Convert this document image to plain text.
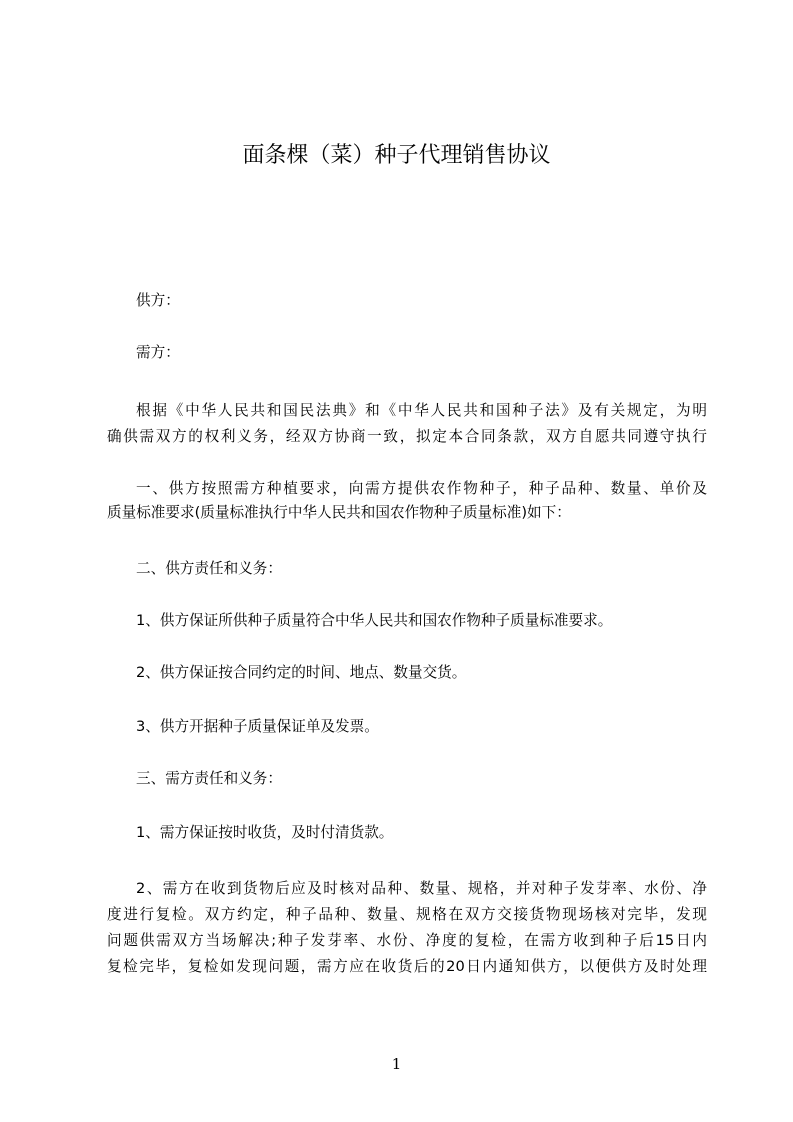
面条棵（菜）种子代理销售协议
供方：
需方：
根据《中华人民共和国民法典》和《中华人民共和国种子法》及有关规定，为明
确供需双方的权利义务，经双方协商一致，拟定本合同条款，双方自愿共同遵守执行
一、供方按照需方种植要求，向需方提供农作物种子，种子品种、数量、单价及
质量标准要求(质量标准执行中华人民共和国农作物种子质量标准)如下：
二、供方责任和义务：
1、供方保证所供种子质量符合中华人民共和国农作物种子质量标准要求。
2、供方保证按合同约定的时间、地点、数量交货。
3、供方开据种子质量保证单及发票。
三、需方责任和义务：
1、需方保证按时收货，及时付清货款。
2、需方在收到货物后应及时核对品种、数量、规格，并对种子发芽率、水份、净
度进行复检。双方约定，种子品种、数量、规格在双方交接货物现场核对完毕，发现
问题供需双方当场解决;种子发芽率、水份、净度的复检，在需方收到种子后15日内
复检完毕，复检如发现问题，需方应在收货后的20日内通知供方，以便供方及时处理
1
